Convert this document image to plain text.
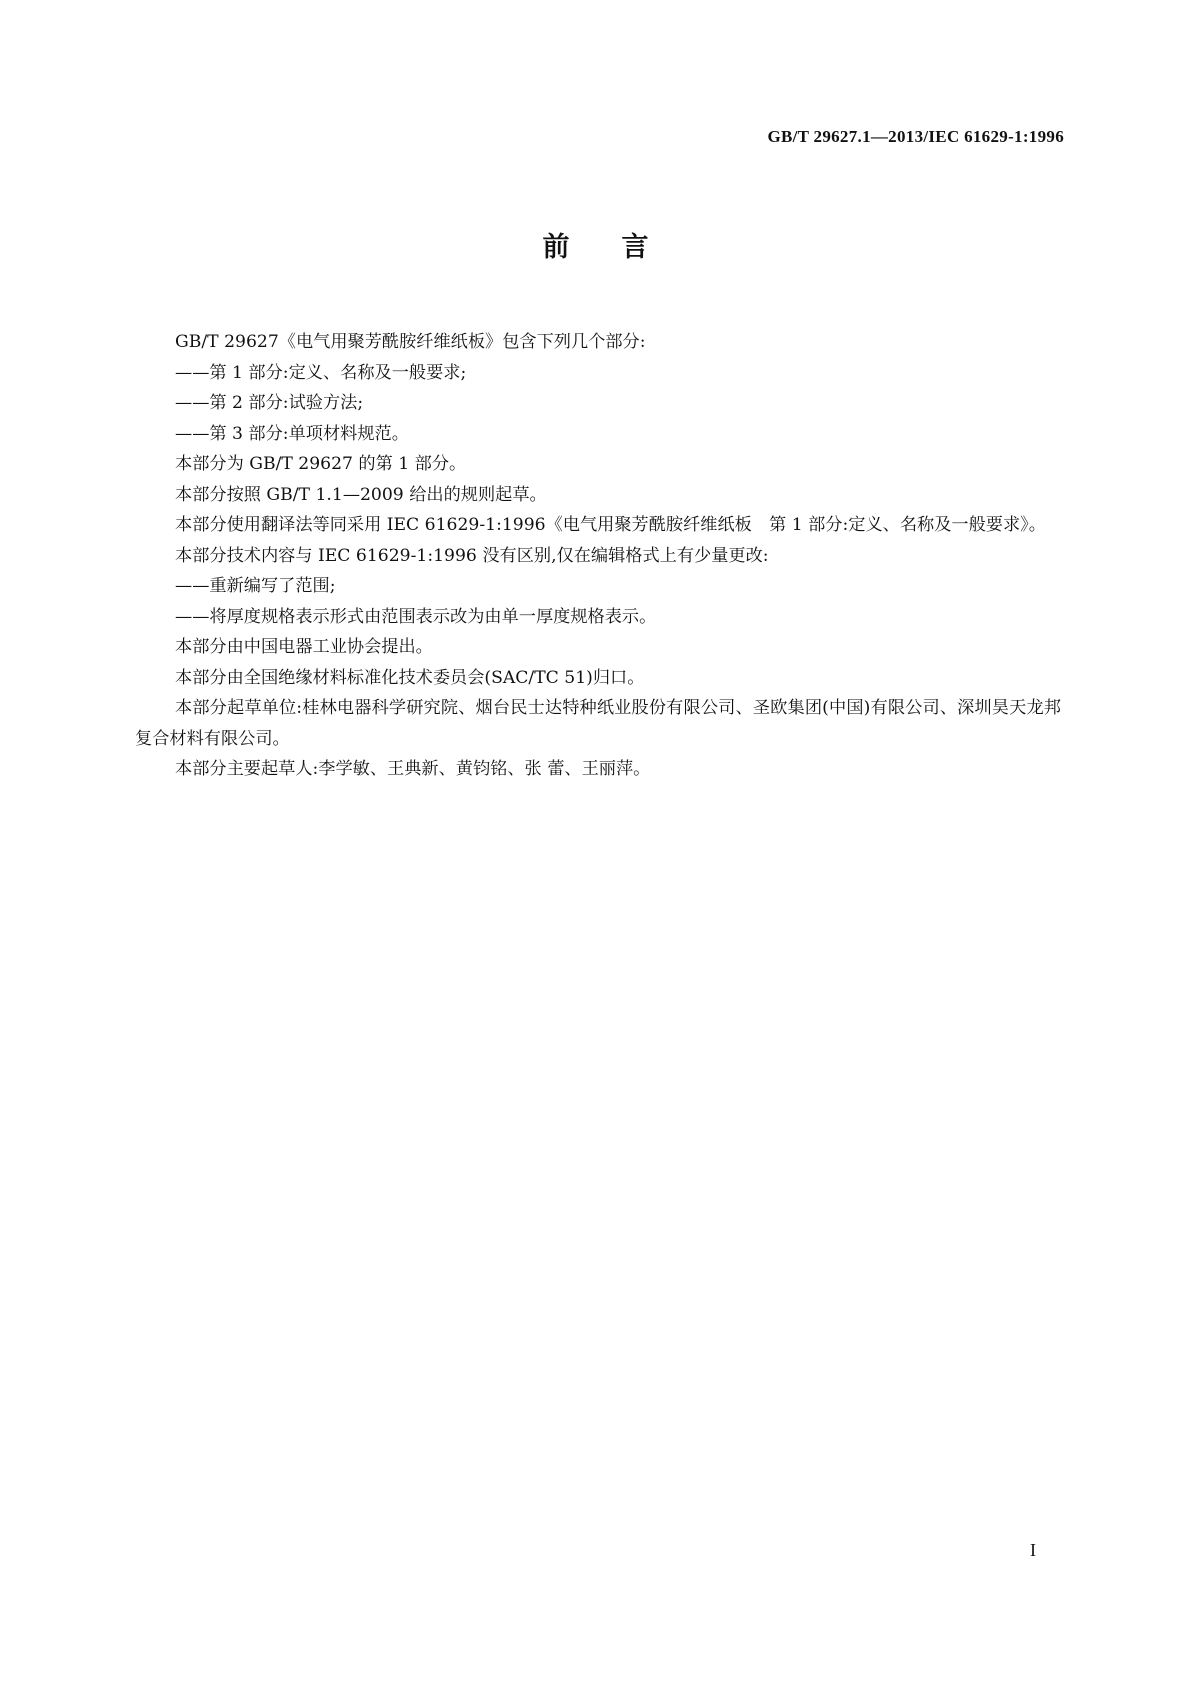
GB/T 29627.1—2013/IEC 61629-1:1996
前言

GB/T 29627《电气用聚芳酰胺纤维纸板》包含下列几个部分:

——第 1 部分:定义、名称及一般要求;

——第 2 部分:试验方法;

——第 3 部分:单项材料规范。

本部分为 GB/T 29627 的第 1 部分。

本部分按照 GB/T 1.1—2009 给出的规则起草。

本部分使用翻译法等同采用 IEC 61629-1:1996《电气用聚芳酰胺纤维纸板　第 1 部分:定义、名称及一般要求》。

本部分技术内容与 IEC 61629-1:1996 没有区别,仅在编辑格式上有少量更改:

——重新编写了范围;

——将厚度规格表示形式由范围表示改为由单一厚度规格表示。

本部分由中国电器工业协会提出。

本部分由全国绝缘材料标准化技术委员会(SAC/TC 51)归口。

本部分起草单位:桂林电器科学研究院、烟台民士达特种纸业股份有限公司、圣欧集团(中国)有限公司、深圳昊天龙邦复合材料有限公司。

本部分主要起草人:李学敏、王典新、黄钧铭、张 蕾、王丽萍。

I
